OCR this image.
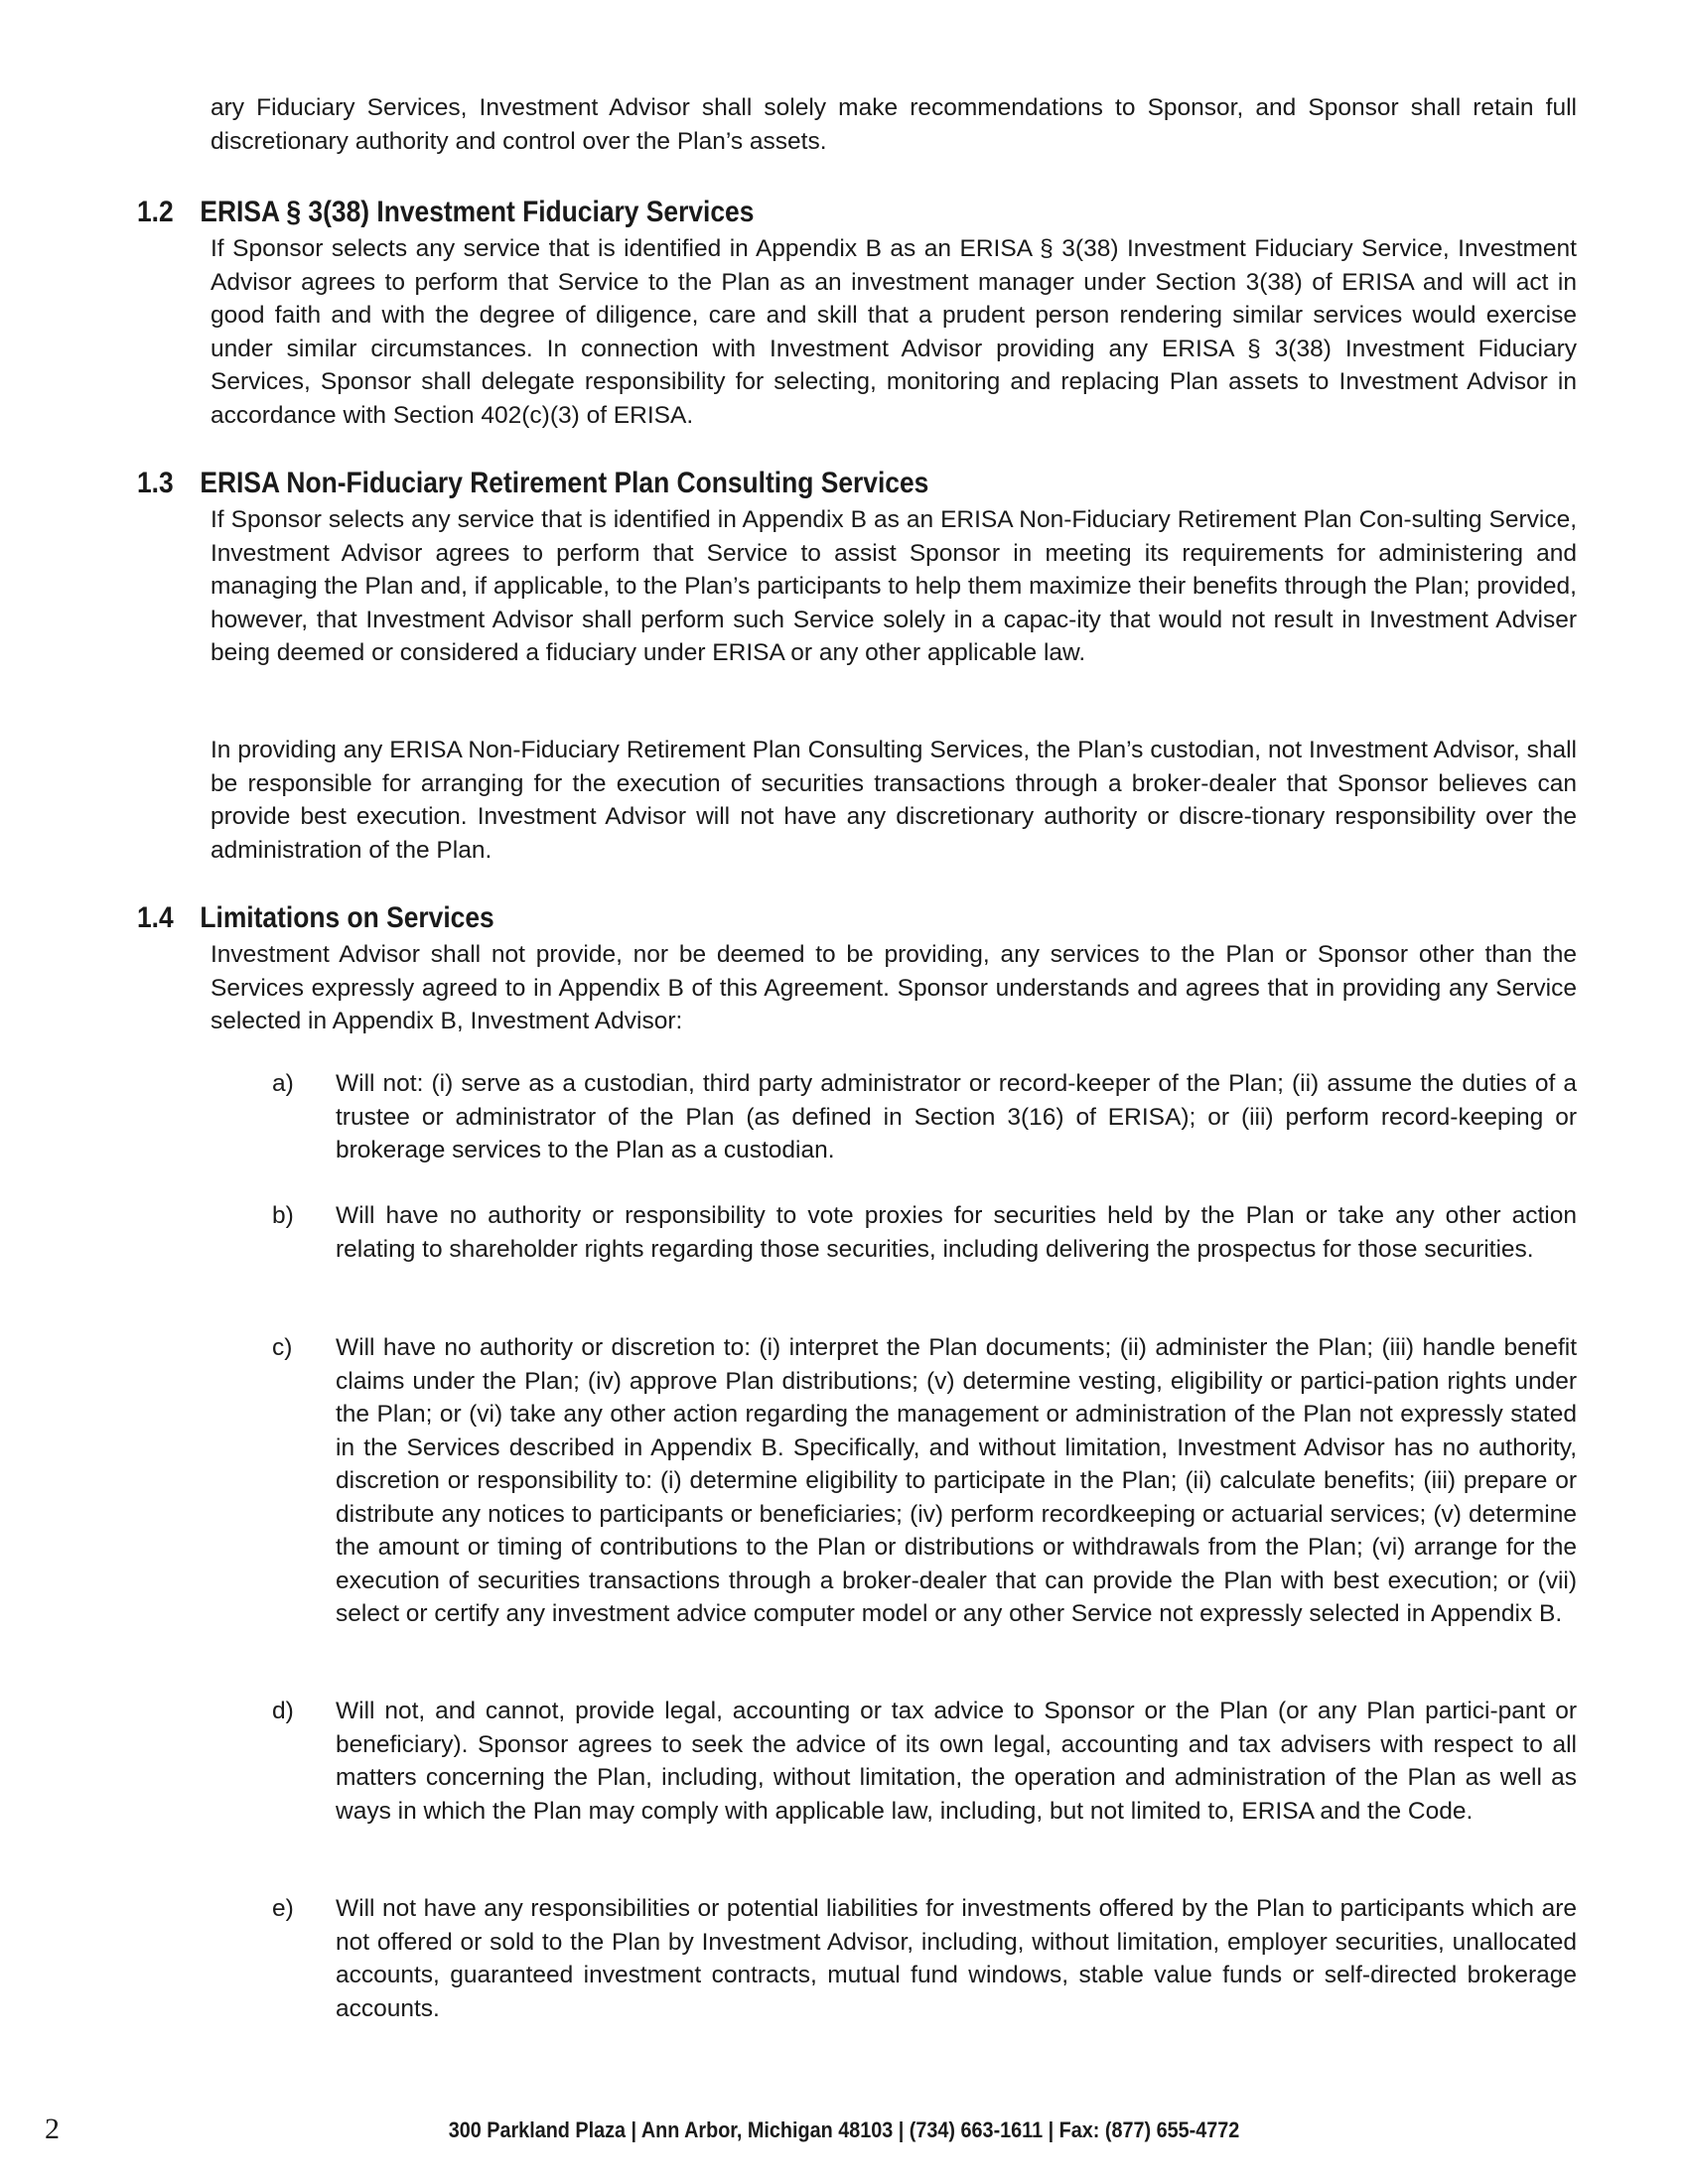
ary Fiduciary Services, Investment Advisor shall solely make recommendations to Sponsor, and Sponsor shall retain full discretionary authority and control over the Plan’s assets.

1.2 ERISA § 3(38) Investment Fiduciary Services

If Sponsor selects any service that is identified in Appendix B as an ERISA § 3(38) Investment Fiduciary Service, Investment Advisor agrees to perform that Service to the Plan as an investment manager under Section 3(38) of ERISA and will act in good faith and with the degree of diligence, care and skill that a prudent person rendering similar services would exercise under similar circumstances. In connection with Investment Advisor providing any ERISA § 3(38) Investment Fiduciary Services, Sponsor shall delegate responsibility for selecting, monitoring and replacing Plan assets to Investment Advisor in accordance with Section 402(c)(3) of ERISA.

1.3 ERISA Non-Fiduciary Retirement Plan Consulting Services

If Sponsor selects any service that is identified in Appendix B as an ERISA Non-Fiduciary Retirement Plan Con-sulting Service, Investment Advisor agrees to perform that Service to assist Sponsor in meeting its requirements for administering and managing the Plan and, if applicable, to the Plan’s participants to help them maximize their benefits through the Plan; provided, however, that Investment Advisor shall perform such Service solely in a capac-ity that would not result in Investment Adviser being deemed or considered a fiduciary under ERISA or any other applicable law.

In providing any ERISA Non-Fiduciary Retirement Plan Consulting Services, the Plan’s custodian, not Investment Advisor, shall be responsible for arranging for the execution of securities transactions through a broker-dealer that Sponsor believes can provide best execution. Investment Advisor will not have any discretionary authority or discre-tionary responsibility over the administration of the Plan.

1.4 Limitations on Services

Investment Advisor shall not provide, nor be deemed to be providing, any services to the Plan or Sponsor other than the Services expressly agreed to in Appendix B of this Agreement. Sponsor understands and agrees that in providing any Service selected in Appendix B, Investment Advisor:

a)	Will not: (i) serve as a custodian, third party administrator or record-keeper of the Plan; (ii) assume the duties of a trustee or administrator of the Plan (as defined in Section 3(16) of ERISA); or (iii) perform record-keeping or brokerage services to the Plan as a custodian.
b)	Will have no authority or responsibility to vote proxies for securities held by the Plan or take any other action relating to shareholder rights regarding those securities, including delivering the prospectus for those securities.
c)	Will have no authority or discretion to: (i) interpret the Plan documents; (ii) administer the Plan; (iii) handle benefit claims under the Plan; (iv) approve Plan distributions; (v) determine vesting, eligibility or partici-pation rights under the Plan; or (vi) take any other action regarding the management or administration of the Plan not expressly stated in the Services described in Appendix B. Specifically, and without limitation, Investment Advisor has no authority, discretion or responsibility to: (i) determine eligibility to participate in the Plan; (ii) calculate benefits; (iii) prepare or distribute any notices to participants or beneficiaries; (iv) perform recordkeeping or actuarial services; (v) determine the amount or timing of contributions to the Plan or distributions or withdrawals from the Plan; (vi) arrange for the execution of securities transactions through a broker-dealer that can provide the Plan with best execution; or (vii) select or certify any investment advice computer model or any other Service not expressly selected in Appendix B.
d)	Will not, and cannot, provide legal, accounting or tax advice to Sponsor or the Plan (or any Plan partici-pant or beneficiary). Sponsor agrees to seek the advice of its own legal, accounting and tax advisers with respect to all matters concerning the Plan, including, without limitation, the operation and administration of the Plan as well as ways in which the Plan may comply with applicable law, including, but not limited to, ERISA and the Code.
e)	Will not have any responsibilities or potential liabilities for investments offered by the Plan to participants which are not offered or sold to the Plan by Investment Advisor, including, without limitation, employer securities, unallocated accounts, guaranteed investment contracts, mutual fund windows, stable value funds or self-directed brokerage accounts.
2	300 Parkland Plaza | Ann Arbor, Michigan 48103 | (734) 663-1611 | Fax: (877) 655-4772
